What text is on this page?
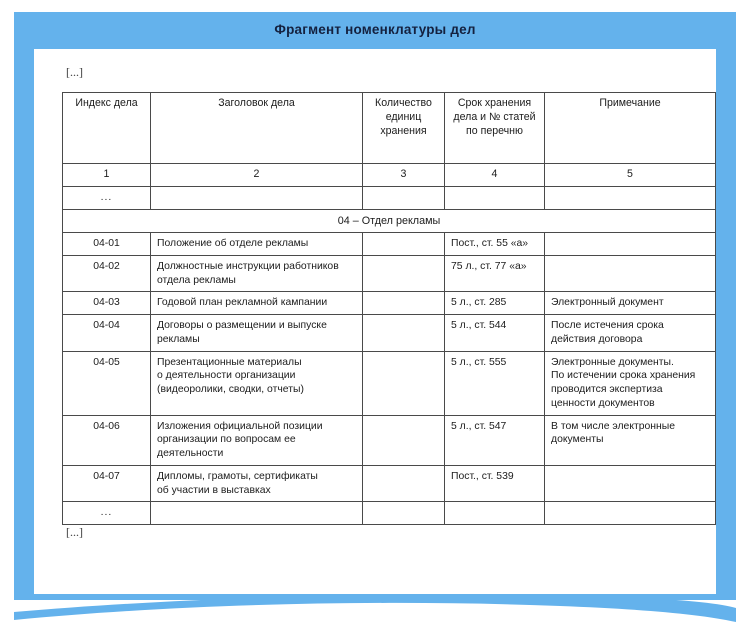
Фрагмент номенклатуры дел
[...]
Индекс дела	Заголовок дела	Количество
единиц
хранения	Срок хранения
дела и № статей
по перечню	Примечание

1	2	3	4	5
...				
04 – Отдел рекламы				

04-01	Положение об отделе рекламы		Пост., ст. 55 «а»	

04-02	Должностные инструкции работников
отдела рекламы		75 л., ст. 77 «а»	

04-03	Годовой план рекламной кампании		5 л., ст. 285	Электронный документ

04-04	Договоры о размещении и выпуске
рекламы		5 л., ст. 544	После истечения срока
действия договора

04-05	Презентационные материалы
о деятельности организации
(видеоролики, сводки, отчеты)		5 л., ст. 555	Электронные документы.
По истечении срока хранения
проводится экспертиза
ценности документов

04-06	Изложения официальной позиции
организации по вопросам ее
деятельности		5 л., ст. 547	В том числе электронные
документы

04-07	Дипломы, грамоты, сертификаты
об участии в выставках		Пост., ст. 539	

...				
[...]
